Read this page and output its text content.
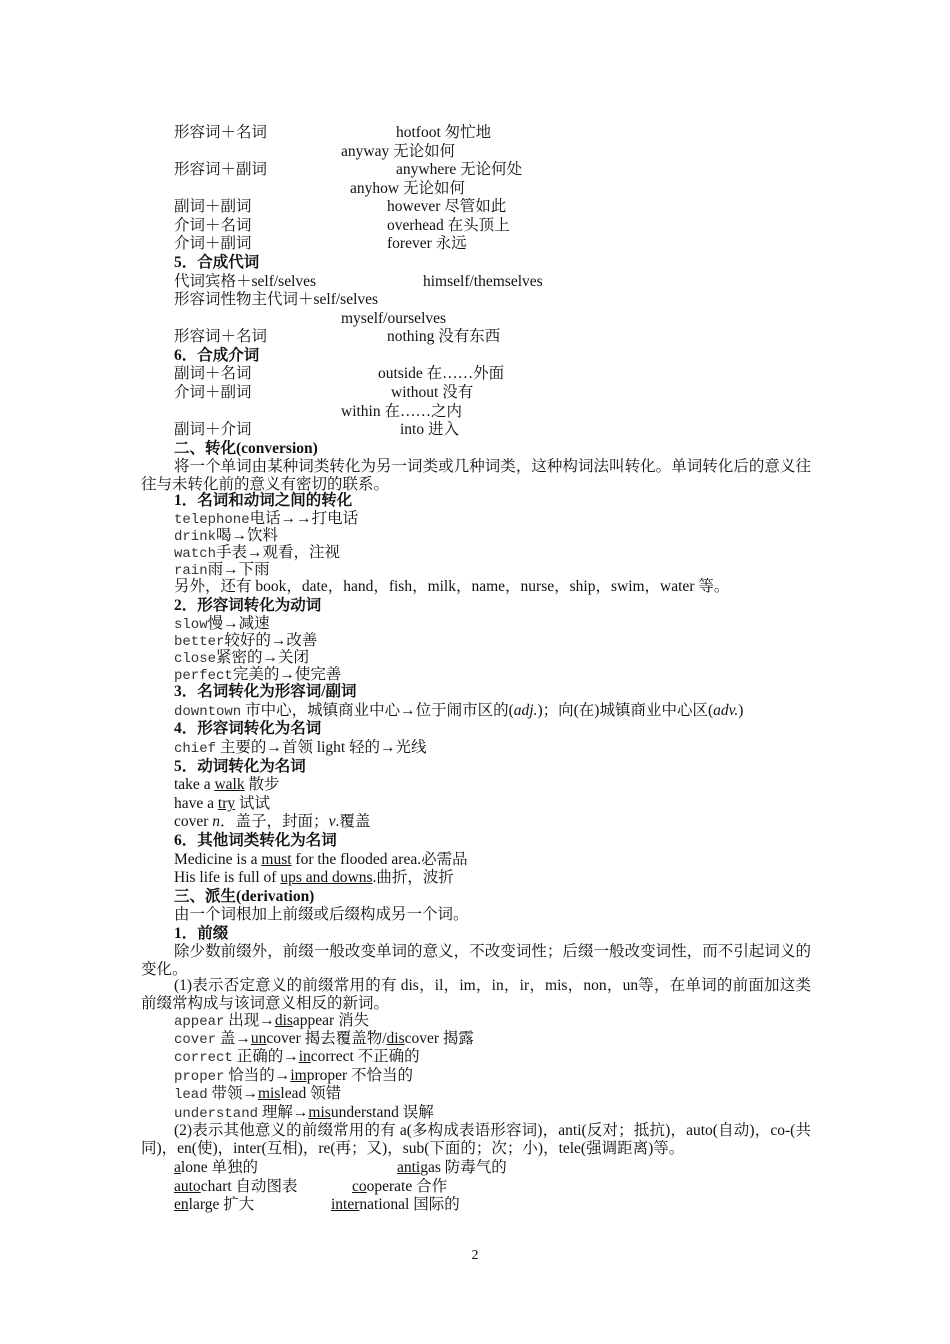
形容词＋名词	hotfoot 匆忙地
anyway 无论如何
形容词＋副词	anywhere 无论何处
anyhow 无论如何
副词＋副词	however 尽管如此
介词＋名词	overhead 在头顶上
介词＋副词	forever 永远
5．合成代词
代词宾格＋self/selves	himself/themselves
形容词性物主代词＋self/selves
myself/ourselves
形容词＋名词	nothing 没有东西
6．合成介词
副词＋名词	outside 在……外面
介词＋副词	without 没有
within 在……之内
副词＋介词	into 进入
二、转化(conversion)
将一个单词由某种词类转化为另一词类或几种词类，这种构词法叫转化。单词转化后的意义往往与未转化前的意义有密切的联系。
1．名词和动词之间的转化
telephone电话→→打电话
drink喝→饮料
watch手表→观看，注视
rain雨→下雨
另外，还有 book，date，hand，fish，milk，name，nurse，ship，swim，water 等。
2．形容词转化为动词
slow慢→减速
better较好的→改善
close紧密的→关闭
perfect完美的→使完善
3．名词转化为形容词/副词
downtown 市中心，城镇商业中心→位于闹市区的(adj.)；向(在)城镇商业中心区(adv.)
4．形容词转化为名词
chief 主要的→首领 light 轻的→光线
5．动词转化为名词
take a walk 散步
have a try 试试
cover n．盖子，封面；v.覆盖
6．其他词类转化为名词
Medicine is a must for the flooded area.必需品
His life is full of ups and downs.曲折，波折
三、派生(derivation)
由一个词根加上前缀或后缀构成另一个词。
1．前缀
除少数前缀外，前缀一般改变单词的意义，不改变词性；后缀一般改变词性，而不引起词义的变化。
(1)表示否定意义的前缀常用的有 dis，il，im，in，ir，mis，non，un等，在单词的前面加这类前缀常构成与该词意义相反的新词。
appear 出现→disappear 消失
cover 盖→uncover 揭去覆盖物/discover 揭露
correct 正确的→incorrect 不正确的
proper 恰当的→improper 不恰当的
lead 带领→mislead 领错
understand 理解→misunderstand 误解
(2)表示其他意义的前缀常用的有 a(多构成表语形容词)，anti(反对；抵抗)，auto(自动)，co-(共同)，en(使)，inter(互相)，re(再；又)，sub(下面的；次；小)，tele(强调距离)等。
alone 单独的	antigas 防毒气的
autochart 自动图表	cooperate 合作
enlarge 扩大	international 国际的
2
